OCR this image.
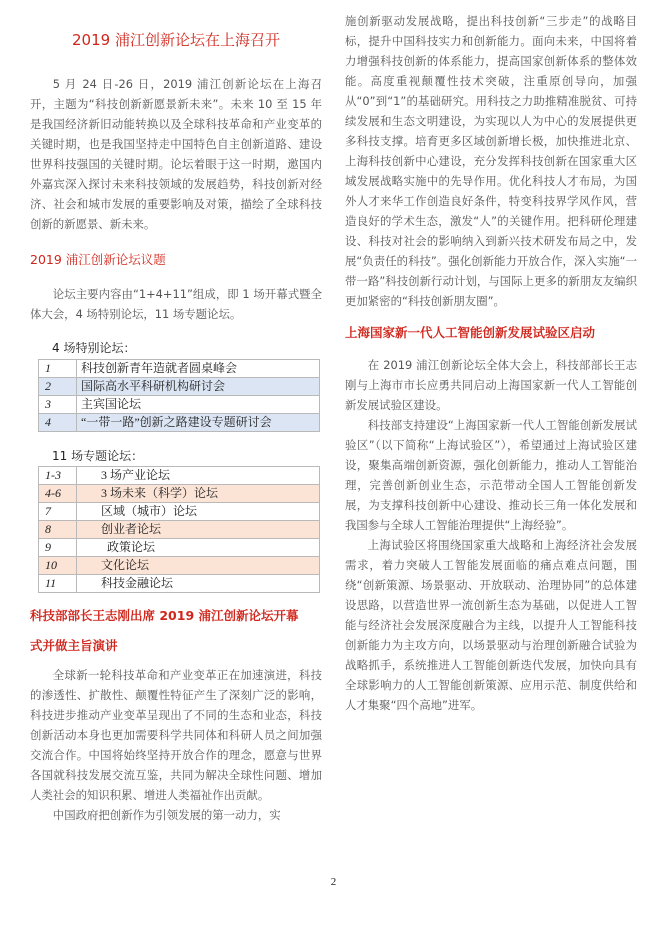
2019 浦江创新论坛在上海召开

5 月 24 日-26 日，2019 浦江创新论坛在上海召开，主题为“科技创新新愿景新未来”。未来 10 至 15 年是我国经济新旧动能转换以及全球科技革命和产业变革的关键时期，也是我国坚持走中国特色自主创新道路、建设世界科技强国的关键时期。论坛着眼于这一时期，邀国内外嘉宾深入探讨未来科技领域的发展趋势，科技创新对经济、社会和城市发展的重要影响及对策，描绘了全球科技创新的新愿景、新未来。

2019 浦江创新论坛议题

论坛主要内容由“1+4+11”组成，即 1 场开幕式暨全体大会，4 场特别论坛，11 场专题论坛。

4 场特别论坛：
1	科技创新青年造就者圆桌峰会
2	国际高水平科研机构研讨会
3	主宾国论坛
4	“一带一路”创新之路建设专题研讨会
11 场专题论坛：
1-3	3 场产业论坛
4-6	3 场未来（科学）论坛
7	区域（城市）论坛
8	创业者论坛
9	政策论坛
10	文化论坛
11	科技金融论坛
科技部部长王志刚出席 2019 浦江创新论坛开幕
式并做主旨演讲

全球新一轮科技革命和产业变革正在加速演进，科技的渗透性、扩散性、颠覆性特征产生了深刻广泛的影响，科技进步推动产业变革呈现出了不同的生态和业态，科技创新活动本身也更加需要科学共同体和科研人员之间加强交流合作。中国将始终坚持开放合作的理念，愿意与世界各国就科技发展交流互鉴，共同为解决全球性问题、增加人类社会的知识积累、增进人类福祉作出贡献。

中国政府把创新作为引领发展的第一动力，实

施创新驱动发展战略，提出科技创新“三步走”的战略目标，提升中国科技实力和创新能力。面向未来，中国将着力增强科技创新的体系能力，提高国家创新体系的整体效能。高度重视颠覆性技术突破，注重原创导向，加强从“0”到“1”的基础研究。用科技之力助推精准脱贫、可持续发展和生态文明建设，为实现以人为中心的发展提供更多科技支撑。培育更多区域创新增长极，加快推进北京、上海科技创新中心建设，充分发挥科技创新在国家重大区域发展战略实施中的先导作用。优化科技人才布局，为国外人才来华工作创造良好条件，特变科技界学风作风，营造良好的学术生态，激发“人”的关键作用。把科研伦理建设、科技对社会的影响纳入到新兴技术研发布局之中，发展“负责任的科技”。强化创新能力开放合作，深入实施“一带一路”科技创新行动计划，与国际上更多的新朋友友编织更加紧密的“科技创新朋友圈”。

上海国家新一代人工智能创新发展试验区启动

在 2019 浦江创新论坛全体大会上，科技部部长王志刚与上海市市长应勇共同启动上海国家新一代人工智能创新发展试验区建设。

科技部支持建设“上海国家新一代人工智能创新发展试验区”（以下简称“上海试验区”），希望通过上海试验区建设，聚集高端创新资源，强化创新能力，推动人工智能治理，完善创新创业生态，示范带动全国人工智能创新发展，为支撑科技创新中心建设、推动长三角一体化发展和我国参与全球人工智能治理提供“上海经验”。

上海试验区将围绕国家重大战略和上海经济社会发展需求，着力突破人工智能发展面临的痛点难点问题，围绕“创新策源、场景驱动、开放联动、治理协同”的总体建设思路，以营造世界一流创新生态为基础，以促进人工智能与经济社会发展深度融合为主线，以提升人工智能科技创新能力为主攻方向，以场景驱动与治理创新融合试验为战略抓手，系统推进人工智能创新迭代发展，加快向具有全球影响力的人工智能创新策源、应用示范、制度供给和人才集聚“四个高地”进军。

2
